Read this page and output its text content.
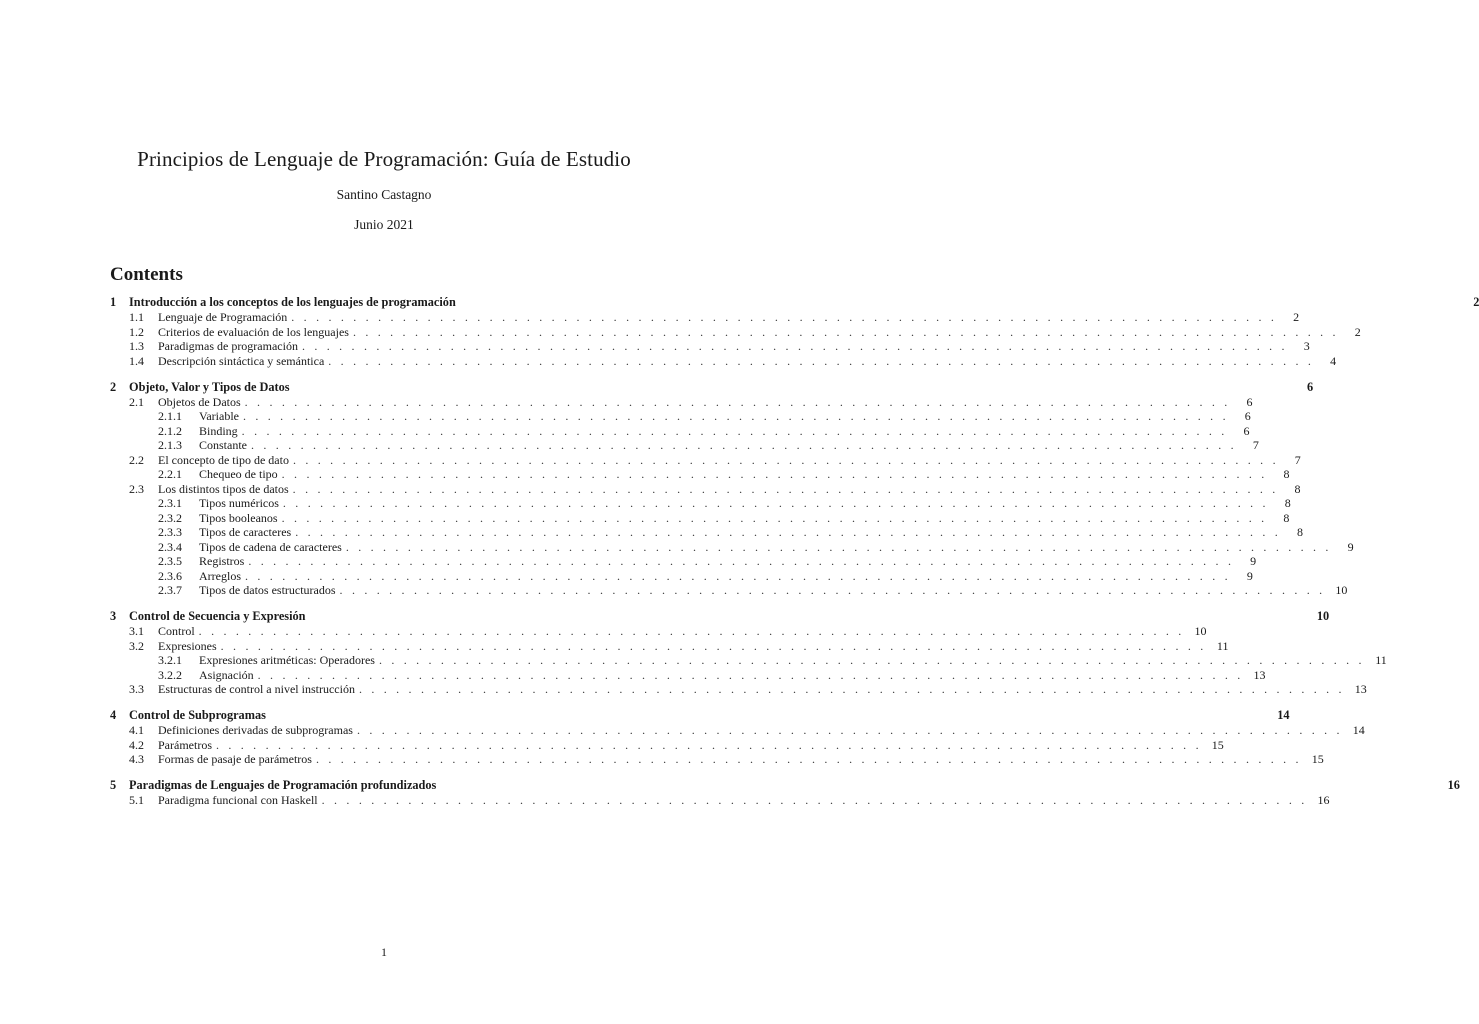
Principios de Lenguaje de Programación: Guía de Estudio
Santino Castagno
Junio 2021
Contents
1	Introducción a los conceptos de los lenguajes de programación	2
1.1	Lenguaje de Programación . . . . . . . . . . . . . . . . . . . . . . . . . . . . . . . . . . . . . . . . . . . . . . . . . . . . . . . . . . . . . . . . . . . . . . . . . . . . . . . .	2
1.2	Criterios de evaluación de los lenguajes . . . . . . . . . . . . . . . . . . . . . . . . . . . . . . . . . . . . . . . . . . . . . . . . . . . . . . . . . . . . . . . . . . . . . . . . . . . . . . . .	2
1.3	Paradigmas de programación . . . . . . . . . . . . . . . . . . . . . . . . . . . . . . . . . . . . . . . . . . . . . . . . . . . . . . . . . . . . . . . . . . . . . . . . . . . . . . . .	3
1.4	Descripción sintáctica y semántica . . . . . . . . . . . . . . . . . . . . . . . . . . . . . . . . . . . . . . . . . . . . . . . . . . . . . . . . . . . . . . . . . . . . . . . . . . . . . . . .	4
2	Objeto, Valor y Tipos de Datos	6
2.1	Objetos de Datos . . . . . . . . . . . . . . . . . . . . . . . . . . . . . . . . . . . . . . . . . . . . . . . . . . . . . . . . . . . . . . . . . . . . . . . . . . . . . . . .	6
2.1.1	Variable . . . . . . . . . . . . . . . . . . . . . . . . . . . . . . . . . . . . . . . . . . . . . . . . . . . . . . . . . . . . . . . . . . . . . . . . . . . . . . . .	6
2.1.2	Binding . . . . . . . . . . . . . . . . . . . . . . . . . . . . . . . . . . . . . . . . . . . . . . . . . . . . . . . . . . . . . . . . . . . . . . . . . . . . . . . .	6
2.1.3	Constante . . . . . . . . . . . . . . . . . . . . . . . . . . . . . . . . . . . . . . . . . . . . . . . . . . . . . . . . . . . . . . . . . . . . . . . . . . . . . . . .	7
2.2	El concepto de tipo de dato . . . . . . . . . . . . . . . . . . . . . . . . . . . . . . . . . . . . . . . . . . . . . . . . . . . . . . . . . . . . . . . . . . . . . . . . . . . . . . . .	7
2.2.1	Chequeo de tipo . . . . . . . . . . . . . . . . . . . . . . . . . . . . . . . . . . . . . . . . . . . . . . . . . . . . . . . . . . . . . . . . . . . . . . . . . . . . . . . .	8
2.3	Los distintos tipos de datos . . . . . . . . . . . . . . . . . . . . . . . . . . . . . . . . . . . . . . . . . . . . . . . . . . . . . . . . . . . . . . . . . . . . . . . . . . . . . . . .	8
2.3.1	Tipos numéricos . . . . . . . . . . . . . . . . . . . . . . . . . . . . . . . . . . . . . . . . . . . . . . . . . . . . . . . . . . . . . . . . . . . . . . . . . . . . . . . .	8
2.3.2	Tipos booleanos . . . . . . . . . . . . . . . . . . . . . . . . . . . . . . . . . . . . . . . . . . . . . . . . . . . . . . . . . . . . . . . . . . . . . . . . . . . . . . . .	8
2.3.3	Tipos de caracteres . . . . . . . . . . . . . . . . . . . . . . . . . . . . . . . . . . . . . . . . . . . . . . . . . . . . . . . . . . . . . . . . . . . . . . . . . . . . . . . .	8
2.3.4	Tipos de cadena de caracteres . . . . . . . . . . . . . . . . . . . . . . . . . . . . . . . . . . . . . . . . . . . . . . . . . . . . . . . . . . . . . . . . . . . . . . . . . . . . . . . .	9
2.3.5	Registros . . . . . . . . . . . . . . . . . . . . . . . . . . . . . . . . . . . . . . . . . . . . . . . . . . . . . . . . . . . . . . . . . . . . . . . . . . . . . . . .	9
2.3.6	Arreglos . . . . . . . . . . . . . . . . . . . . . . . . . . . . . . . . . . . . . . . . . . . . . . . . . . . . . . . . . . . . . . . . . . . . . . . . . . . . . . . .	9
2.3.7	Tipos de datos estructurados . . . . . . . . . . . . . . . . . . . . . . . . . . . . . . . . . . . . . . . . . . . . . . . . . . . . . . . . . . . . . . . . . . . . . . . . . . . . . . . . 10
3	Control de Secuencia y Expresión	10
3.1	Control . . . . . . . . . . . . . . . . . . . . . . . . . . . . . . . . . . . . . . . . . . . . . . . . . . . . . . . . . . . . . . . . . . . . . . . . . . . . . . . . 10
3.2	Expresiones . . . . . . . . . . . . . . . . . . . . . . . . . . . . . . . . . . . . . . . . . . . . . . . . . . . . . . . . . . . . . . . . . . . . . . . . . . . . . . . . 11
3.2.1	Expresiones aritméticas: Operadores . . . . . . . . . . . . . . . . . . . . . . . . . . . . . . . . . . . . . . . . . . . . . . . . . . . . . . . . . . . . . . . . . . . . . . . . . . . . . . . . 11
3.2.2	Asignación . . . . . . . . . . . . . . . . . . . . . . . . . . . . . . . . . . . . . . . . . . . . . . . . . . . . . . . . . . . . . . . . . . . . . . . . . . . . . . . . 13
3.3	Estructuras de control a nivel instrucción . . . . . . . . . . . . . . . . . . . . . . . . . . . . . . . . . . . . . . . . . . . . . . . . . . . . . . . . . . . . . . . . . . . . . . . . . . . . . . . . 13
4	Control de Subprogramas	14
4.1	Definiciones derivadas de subprogramas . . . . . . . . . . . . . . . . . . . . . . . . . . . . . . . . . . . . . . . . . . . . . . . . . . . . . . . . . . . . . . . . . . . . . . . . . . . . . . . . 14
4.2	Parámetros . . . . . . . . . . . . . . . . . . . . . . . . . . . . . . . . . . . . . . . . . . . . . . . . . . . . . . . . . . . . . . . . . . . . . . . . . . . . . . . . 15
4.3	Formas de pasaje de parámetros . . . . . . . . . . . . . . . . . . . . . . . . . . . . . . . . . . . . . . . . . . . . . . . . . . . . . . . . . . . . . . . . . . . . . . . . . . . . . . . . 15
5	Paradigmas de Lenguajes de Programación profundizados	16
5.1	Paradigma funcional con Haskell . . . . . . . . . . . . . . . . . . . . . . . . . . . . . . . . . . . . . . . . . . . . . . . . . . . . . . . . . . . . . . . . . . . . . . . . . . . . . . . . 16
1
